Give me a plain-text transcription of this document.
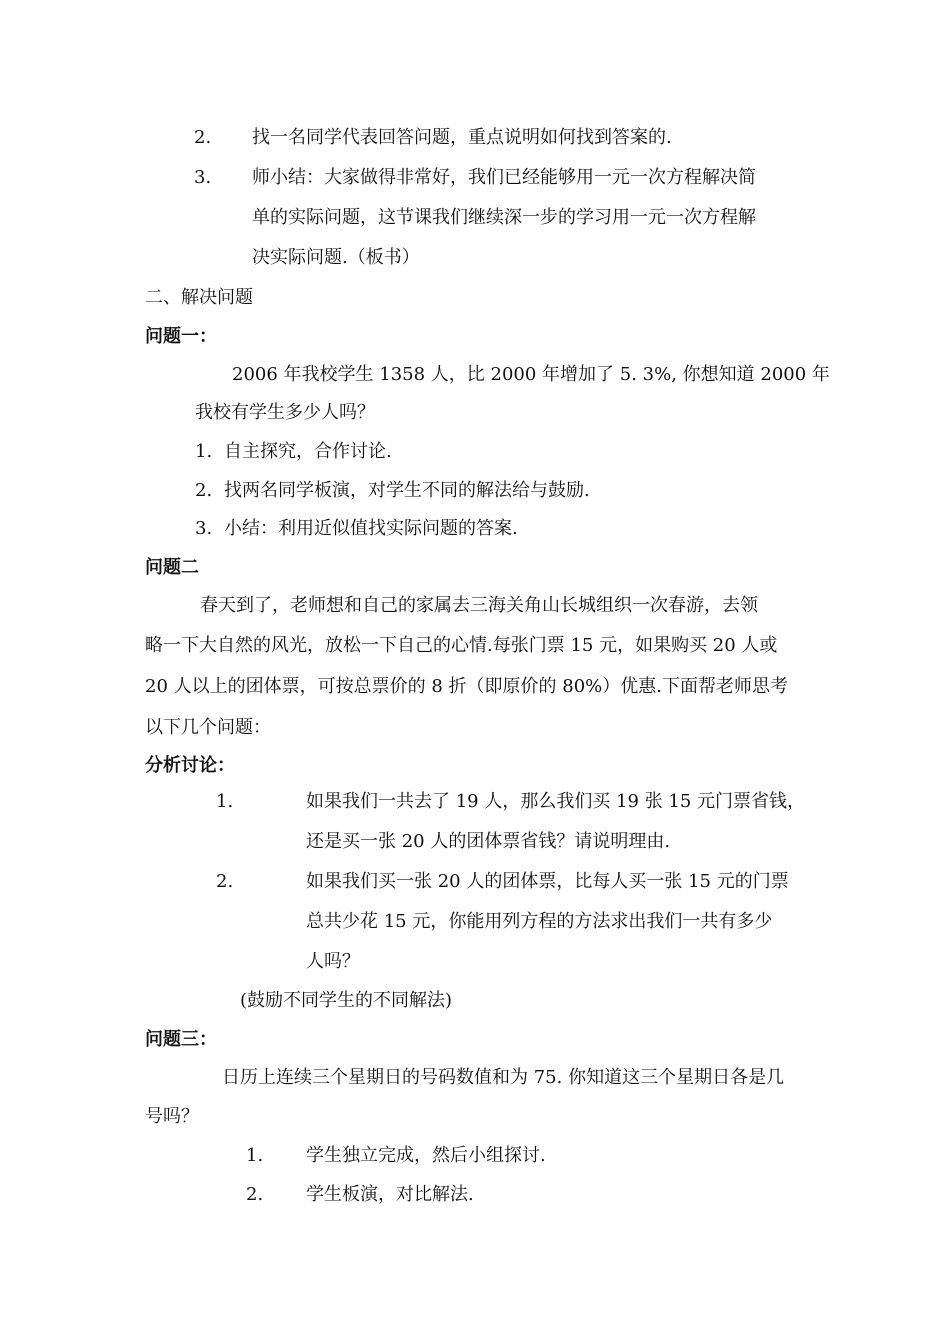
2. 找一名同学代表回答问题，重点说明如何找到答案的.
3. 师小结：大家做得非常好，我们已经能够用一元一次方程解决简
单的实际问题，这节课我们继续深一步的学习用一元一次方程解
决实际问题.（板书）
二、解决问题
问题一：
2006 年我校学生 1358 人，比 2000 年增加了 5. 3%, 你想知道 2000 年
我校有学生多少人吗？
1. 自主探究，合作讨论.
2. 找两名同学板演，对学生不同的解法给与鼓励.
3. 小结：利用近似值找实际问题的答案.
问题二
春天到了，老师想和自己的家属去三海关角山长城组织一次春游，去领
略一下大自然的风光，放松一下自己的心情.每张门票 15 元，如果购买 20 人或
20 人以上的团体票，可按总票价的 8 折（即原价的 80%）优惠.下面帮老师思考
以下几个问题：
分析讨论：
1.	如果我们一共去了 19 人，那么我们买 19 张 15 元门票省钱，
还是买一张 20 人的团体票省钱？请说明理由.
2.	如果我们买一张 20 人的团体票，比每人买一张 15 元的门票
总共少花 15 元，你能用列方程的方法求出我们一共有多少
人吗？
(鼓励不同学生的不同解法)
问题三：
日历上连续三个星期日的号码数值和为 75. 你知道这三个星期日各是几
号吗？
1. 学生独立完成，然后小组探讨.
2. 学生板演，对比解法.
